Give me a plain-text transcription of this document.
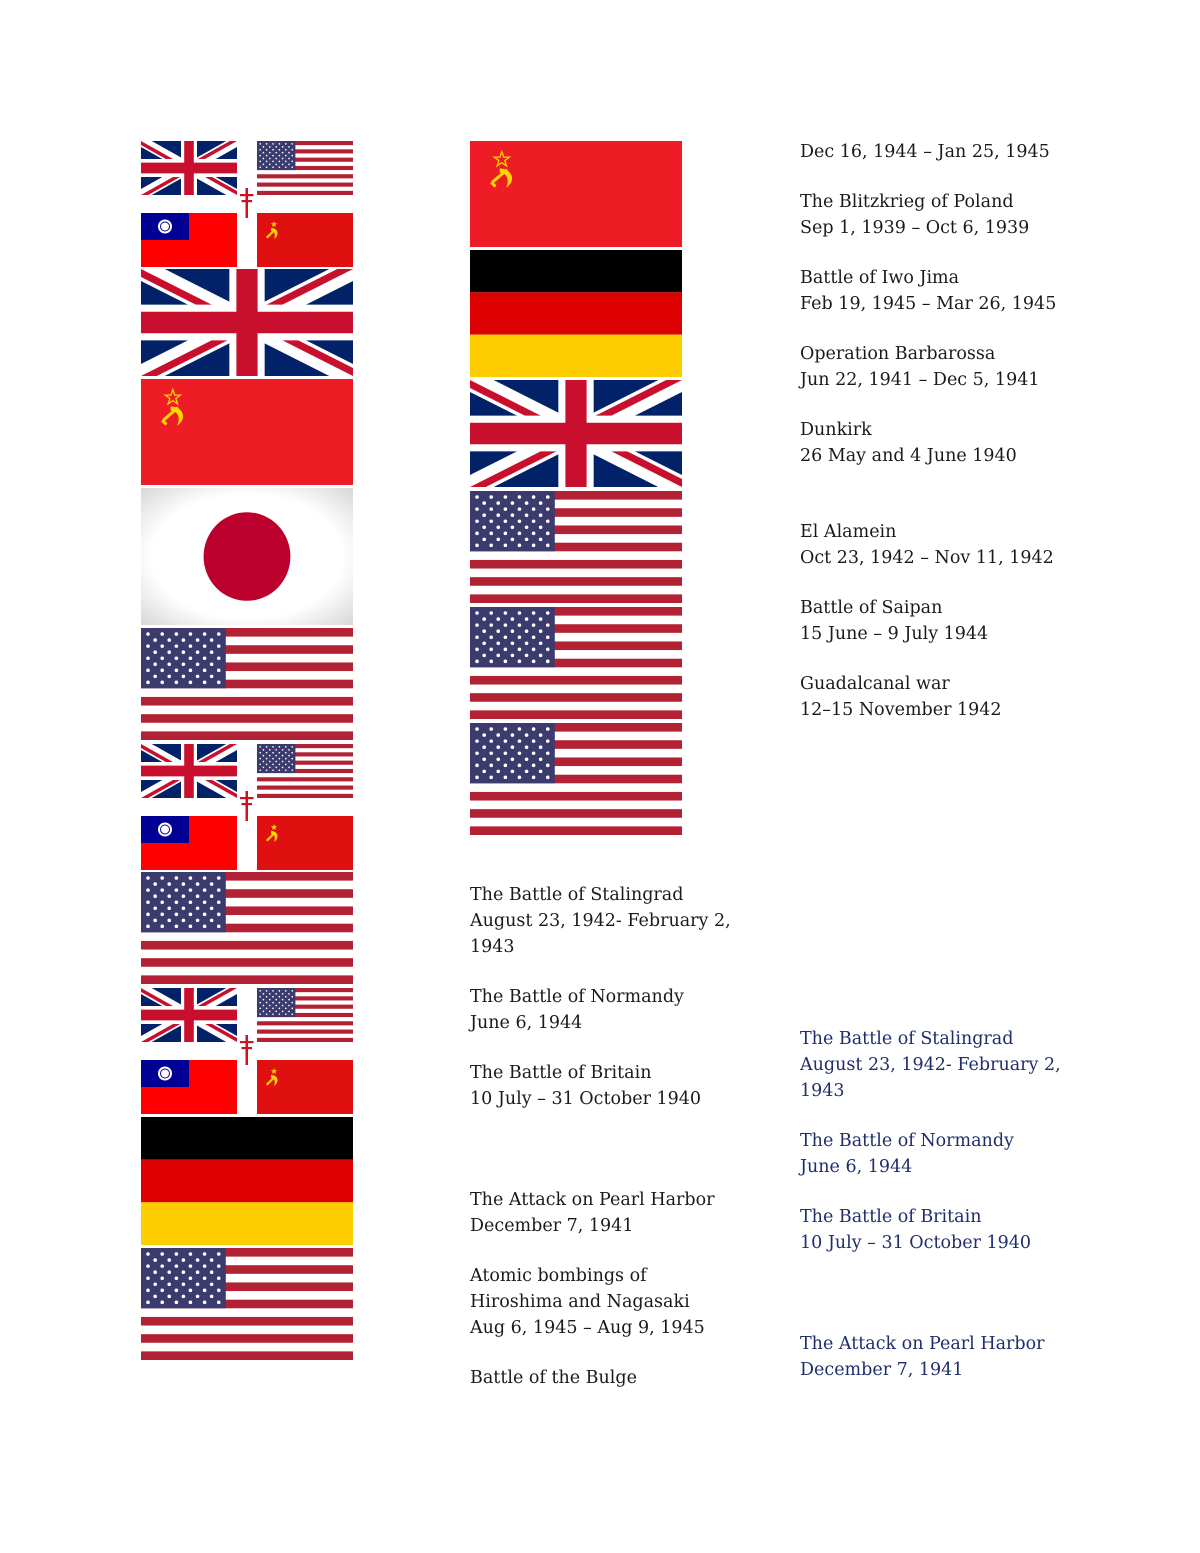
The Battle of Stalingrad

August 23, 1942- February 2, 1943

The Battle of Normandy

June 6, 1944

The Battle of Britain

10 July – 31 October 1940

The Attack on Pearl Harbor

December 7, 1941

Atomic bombings of Hiroshima and Nagasaki

Aug 6, 1945 – Aug 9, 1945

Battle of the Bulge

Dec 16, 1944 – Jan 25, 1945

The Blitzkrieg of Poland

Sep 1, 1939 – Oct 6, 1939

Battle of Iwo Jima

Feb 19, 1945 – Mar 26, 1945

Operation Barbarossa

Jun 22, 1941 – Dec 5, 1941

Dunkirk

26 May and 4 June 1940

El Alamein

Oct 23, 1942 – Nov 11, 1942

Battle of Saipan

15 June – 9 July 1944

Guadalcanal war

12–15 November 1942

The Battle of Stalingrad

August 23, 1942- February 2, 1943

The Battle of Normandy

June 6, 1944

The Battle of Britain

10 July – 31 October 1940

The Attack on Pearl Harbor

December 7, 1941
